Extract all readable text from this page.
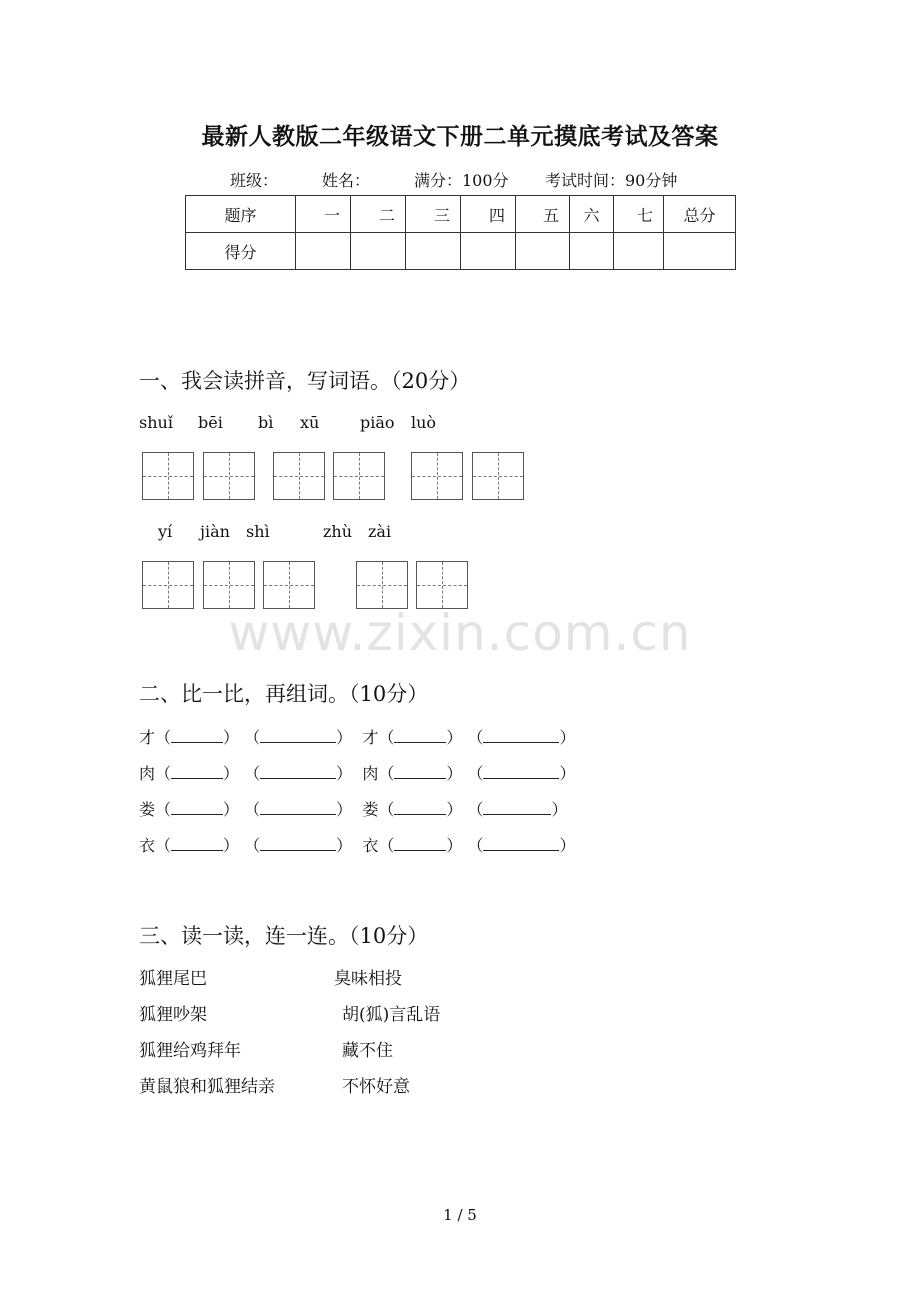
最新人教版二年级语文下册二单元摸底考试及答案
班级：	姓名：	满分：100分 考试时间：90分钟
题序	一	二	三	四	五	六	七	总分
得分								
一、我会读拼音，写词语。（20分）
shuǐ bēi bì xū	piāo luò
yí jiàn shì	zhù zài
www.zixin.com.cn
二、比一比，再组词。（10分）
才（	） （	）  才（	） （	）
肉（	） （	）  肉（	） （	）
娄（	） （	）  娄（	） （	）
衣（	） （	）  衣（	） （	）
三、读一读，连一连。（10分）
狐狸尾巴
狐狸吵架
狐狸给鸡拜年
黄鼠狼和狐狸结亲
臭味相投
胡(狐)言乱语
藏不住
不怀好意
1 / 5
